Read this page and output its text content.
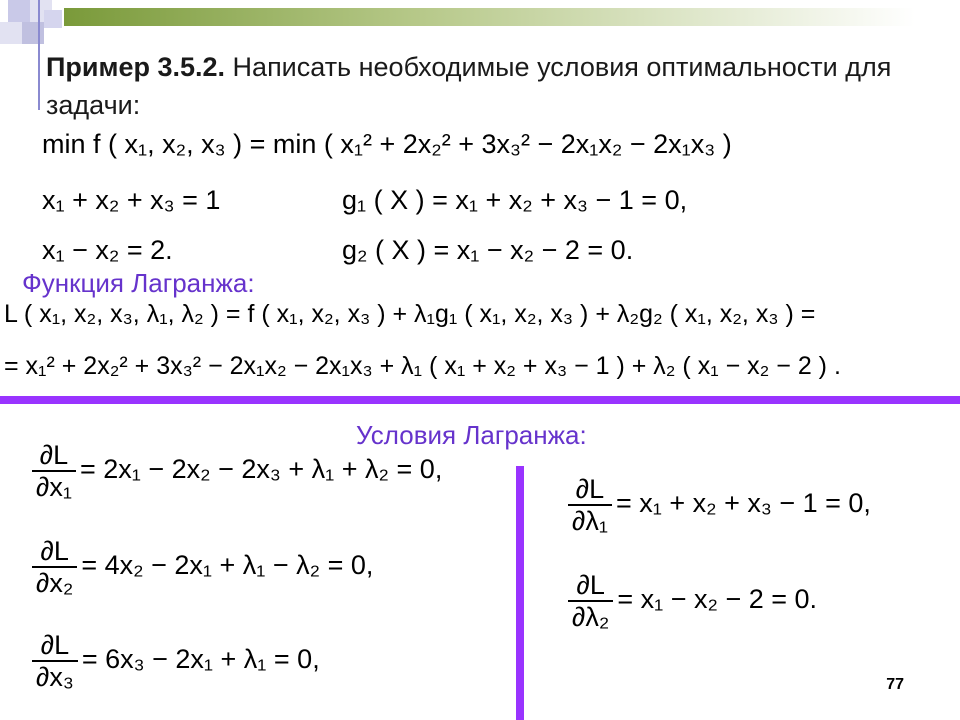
Пример 3.5.2. Написать необходимые условия оптимальности для задачи:
min f ( x₁, x₂, x₃ ) = min ( x₁² + 2x₂² + 3x₃² − 2x₁x₂ − 2x₁x₃ )
x₁ + x₂ + x₃ = 1
x₁ − x₂ = 2.
g₁ ( X ) = x₁ + x₂ + x₃ − 1 = 0,
g₂ ( X ) = x₁ − x₂ − 2 = 0.
Функция Лагранжа:
L ( x₁, x₂, x₃, λ₁, λ₂ ) = f ( x₁, x₂, x₃ ) + λ₁g₁ ( x₁, x₂, x₃ ) + λ₂g₂ ( x₁, x₂, x₃ ) =
= x₁² + 2x₂² + 3x₃² − 2x₁x₂ − 2x₁x₃ + λ₁ ( x₁ + x₂ + x₃ − 1 ) + λ₂ ( x₁ − x₂ − 2 ) .
Условия Лагранжа:
$\frac{\partial L}{\text{∂x₁}} = 2x_1 - 2x_2 - 2x_3 + \lambda_1 + \lambda_2 = 0$,
$\frac{\partial L}{\text{∂x₂}} = 4x_2 - 2x_1 + \lambda_1 - \lambda_2 = 0$,
$\frac{\partial L}{\text{∂x₃}} = 6x_3 - 2x_1 + \lambda_1 = 0$,
$\frac{\partial L}{\text{∂λ₁}} = x_1 + x_2 + x_3 - 1 = 0$,
$\frac{\partial L}{\text{∂λ₂}} = x_1 - x_2 - 2 = 0$.
77
